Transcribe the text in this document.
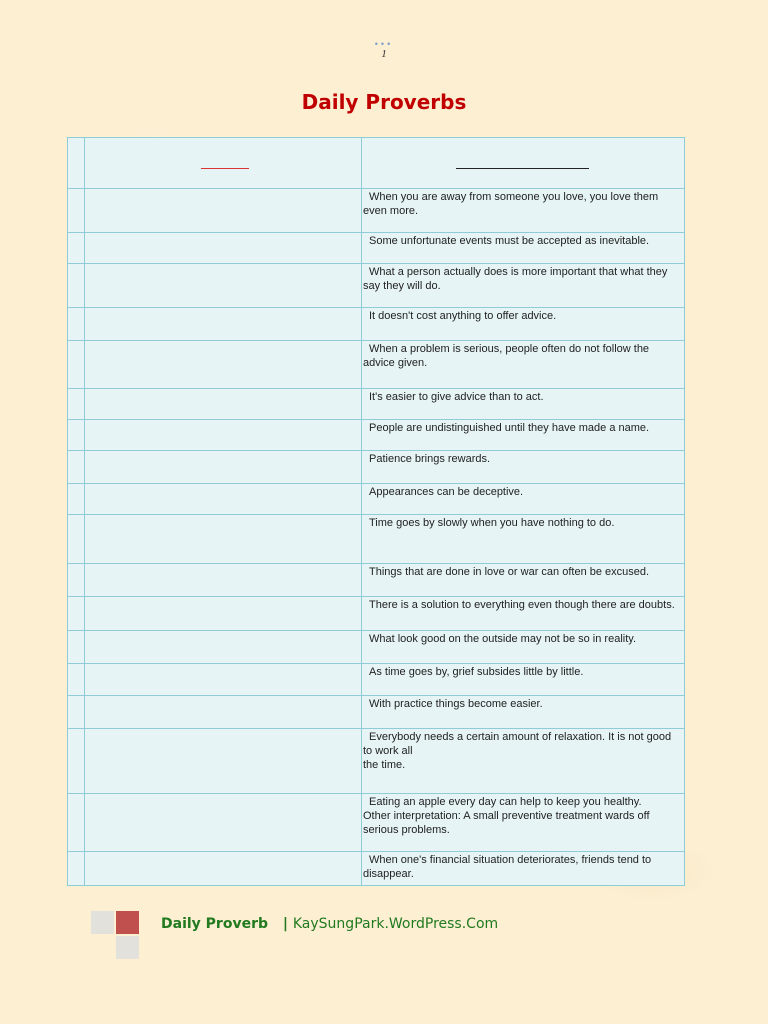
•••
1
Daily Proverbs

		When you are away from someone you love, you love them even more.

		Some unfortunate events must be accepted as inevitable.

		What a person actually does is more important that what they say they will do.

		It doesn't cost anything to offer advice.

		When a problem is serious, people often do not follow the advice given.

		It's easier to give advice than to act.

		People are undistinguished until they have made a name.

		Patience brings rewards.

		Appearances can be deceptive.

		Time goes by slowly when you have nothing to do.

		Things that are done in love or war can often be excused.

		There is a solution to everything even though there are doubts.

		What look good on the outside may not be so in reality.

		As time goes by, grief subsides little by little.

		With practice things become easier.

		Everybody needs a certain amount of relaxation. It is not good to work all
the time.

		Eating an apple every day can help to keep you healthy.
Other interpretation: A small preventive treatment wards off serious problems.

		When one's financial situation deteriorates, friends tend to disappear.
Daily Proverb | KaySungPark.WordPress.Com
